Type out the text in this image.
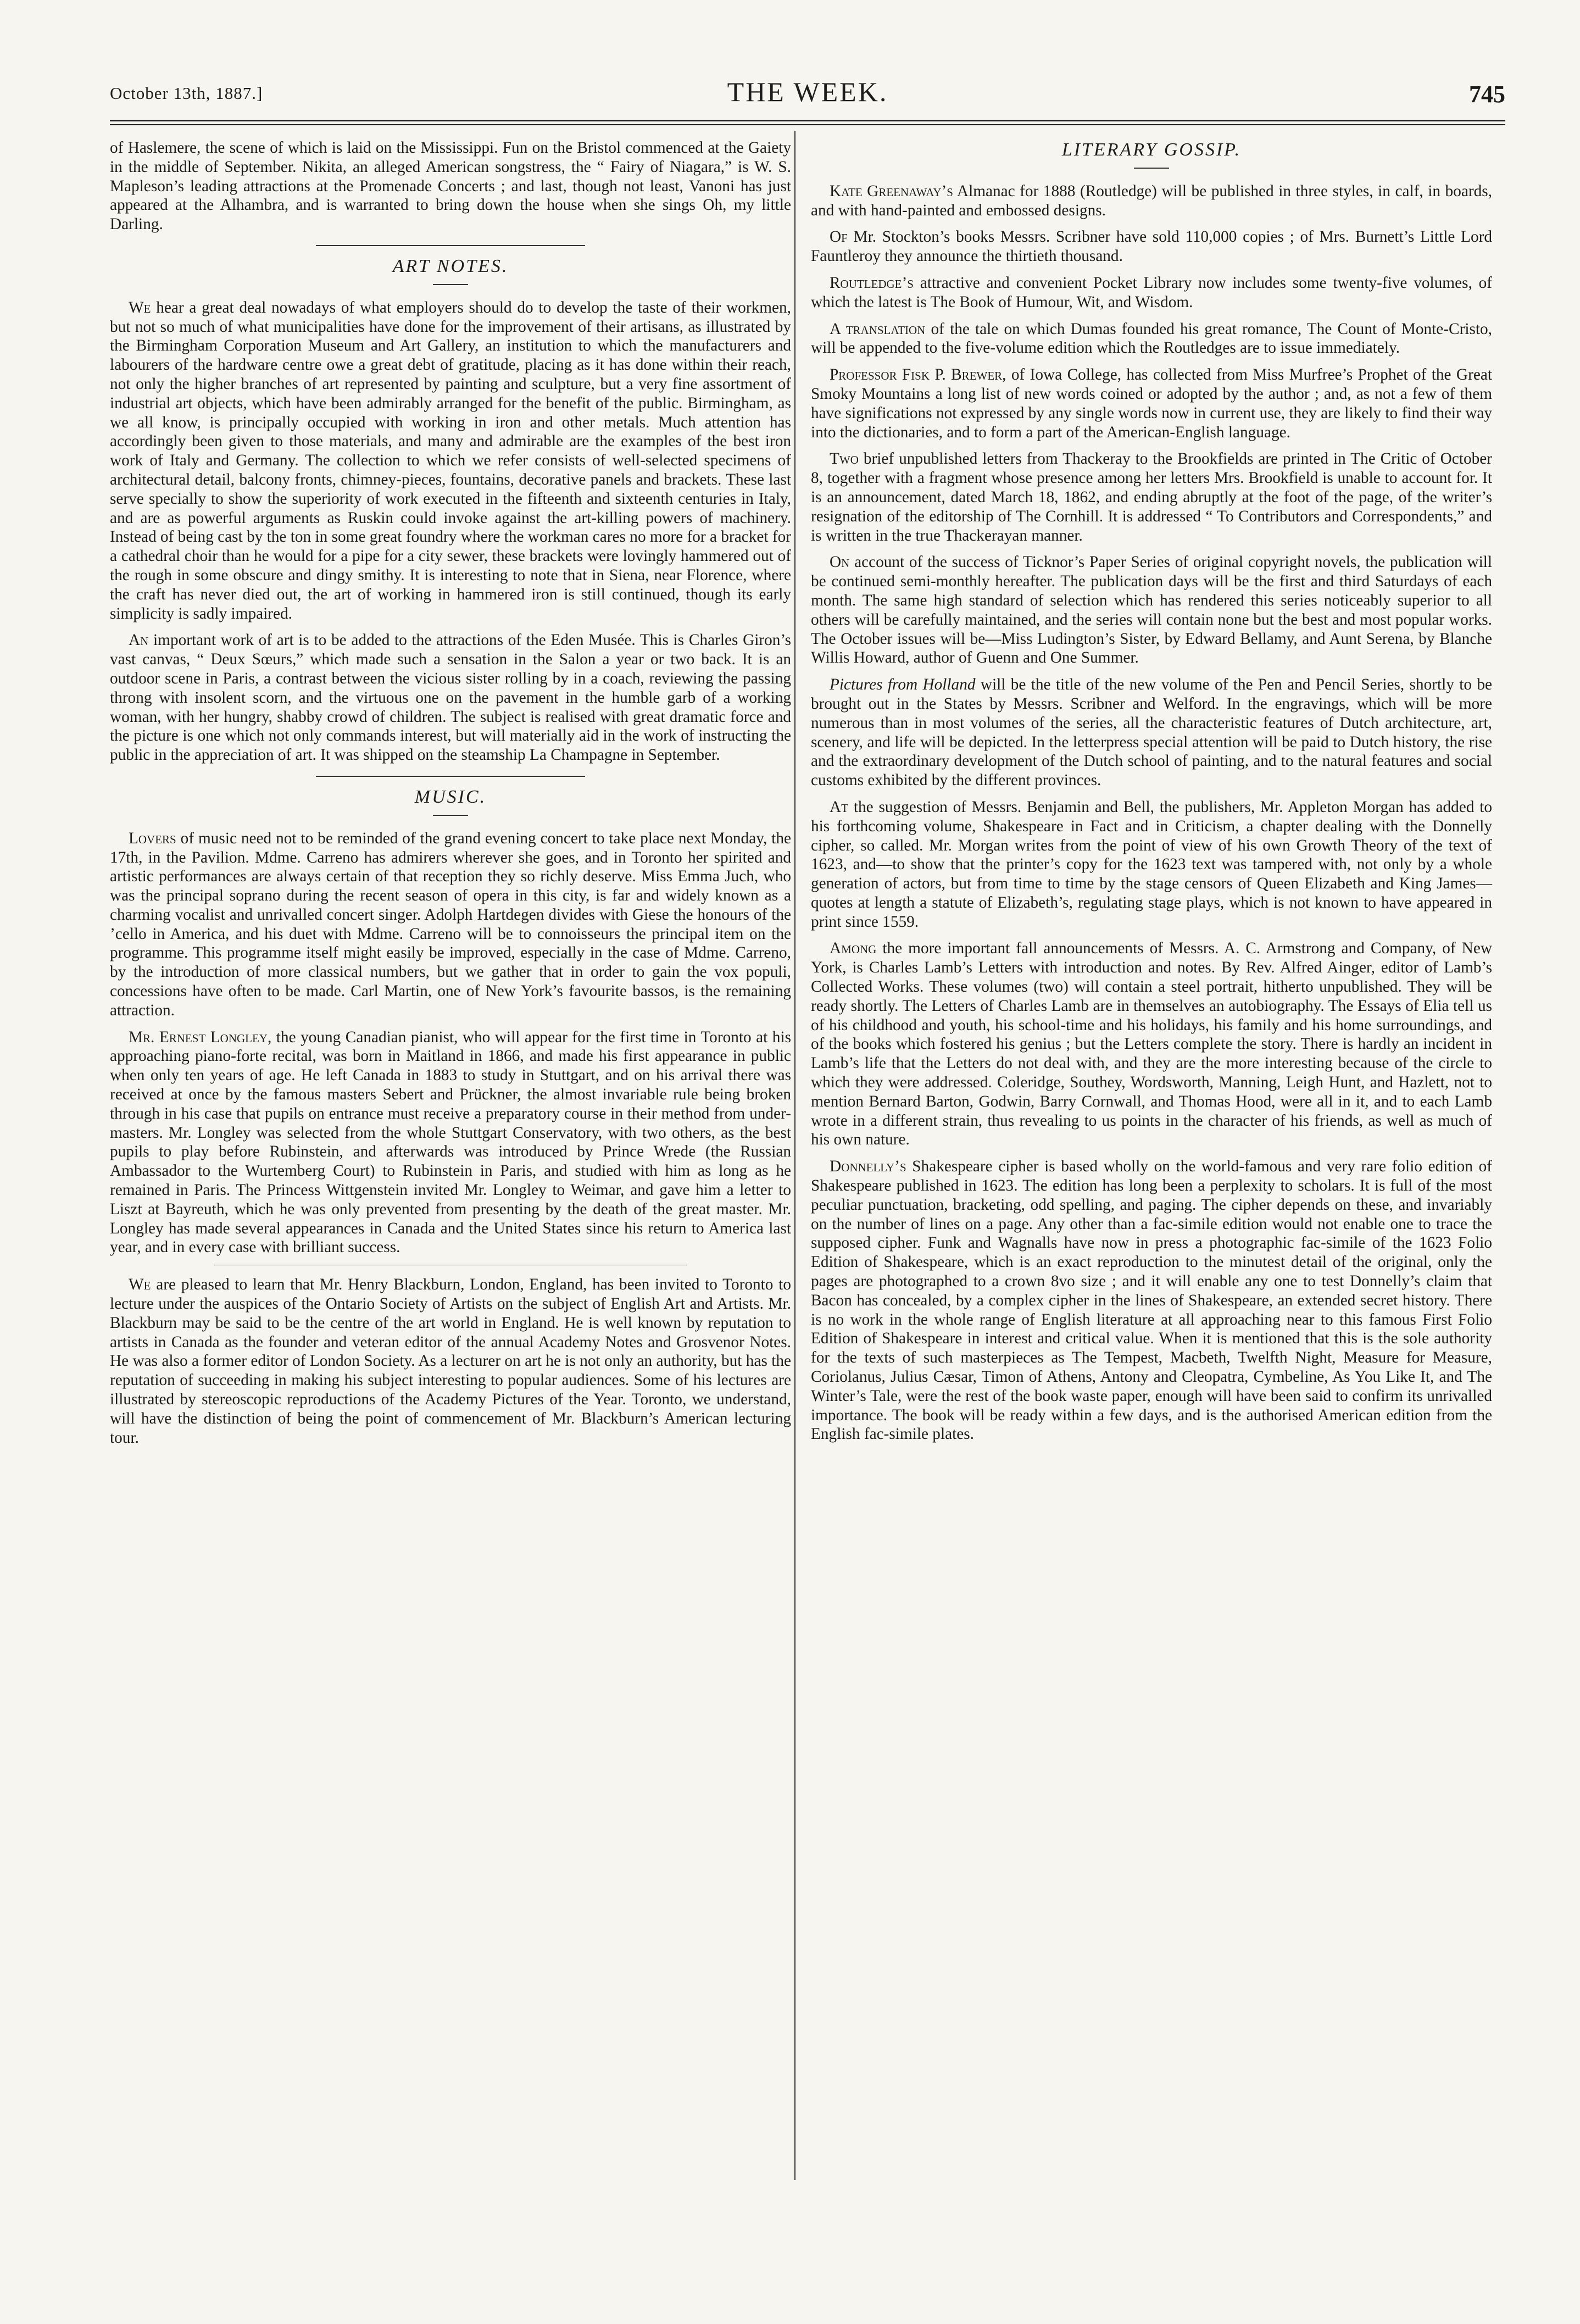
October 13th, 1887.]	THE WEEK.	745

of Haslemere, the scene of which is laid on the Mississippi. Fun on the Bristol commenced at the Gaiety in the middle of September. Nikita, an alleged American songstress, the “ Fairy of Niagara,” is W. S. Mapleson’s leading attractions at the Promenade Concerts ; and last, though not least, Vanoni has just appeared at the Alhambra, and is warranted to bring down the house when she sings Oh, my little Darling.

ART NOTES.

We hear a great deal nowadays of what employers should do to develop the taste of their workmen, but not so much of what municipalities have done for the improvement of their artisans, as illustrated by the Birmingham Corporation Museum and Art Gallery, an institution to which the manufacturers and labourers of the hardware centre owe a great debt of gratitude, placing as it has done within their reach, not only the higher branches of art represented by painting and sculpture, but a very fine assortment of industrial art objects, which have been admirably arranged for the benefit of the public. Birmingham, as we all know, is principally occupied with working in iron and other metals. Much attention has accordingly been given to those materials, and many and admirable are the examples of the best iron work of Italy and Germany. The collection to which we refer consists of well-selected specimens of architectural detail, balcony fronts, chimney-pieces, fountains, decorative panels and brackets. These last serve specially to show the superiority of work executed in the fifteenth and sixteenth centuries in Italy, and are as powerful arguments as Ruskin could invoke against the art-killing powers of machinery. Instead of being cast by the ton in some great foundry where the workman cares no more for a bracket for a cathedral choir than he would for a pipe for a city sewer, these brackets were lovingly hammered out of the rough in some obscure and dingy smithy. It is interesting to note that in Siena, near Florence, where the craft has never died out, the art of working in hammered iron is still continued, though its early simplicity is sadly impaired.

An important work of art is to be added to the attractions of the Eden Musée. This is Charles Giron’s vast canvas, “ Deux Sœurs,” which made such a sensation in the Salon a year or two back. It is an outdoor scene in Paris, a contrast between the vicious sister rolling by in a coach, reviewing the passing throng with insolent scorn, and the virtuous one on the pavement in the humble garb of a working woman, with her hungry, shabby crowd of children. The subject is realised with great dramatic force and the picture is one which not only commands interest, but will materially aid in the work of instructing the public in the appreciation of art. It was shipped on the steamship La Champagne in September.

MUSIC.

Lovers of music need not to be reminded of the grand evening concert to take place next Monday, the 17th, in the Pavilion. Mdme. Carreno has admirers wherever she goes, and in Toronto her spirited and artistic performances are always certain of that reception they so richly deserve. Miss Emma Juch, who was the principal soprano during the recent season of opera in this city, is far and widely known as a charming vocalist and unrivalled concert singer. Adolph Hartdegen divides with Giese the honours of the ’cello in America, and his duet with Mdme. Carreno will be to connoisseurs the principal item on the programme. This programme itself might easily be improved, especially in the case of Mdme. Carreno, by the introduction of more classical numbers, but we gather that in order to gain the vox populi, concessions have often to be made. Carl Martin, one of New York’s favourite bassos, is the remaining attraction.

Mr. Ernest Longley, the young Canadian pianist, who will appear for the first time in Toronto at his approaching piano-forte recital, was born in Maitland in 1866, and made his first appearance in public when only ten years of age. He left Canada in 1883 to study in Stuttgart, and on his arrival there was received at once by the famous masters Sebert and Prückner, the almost invariable rule being broken through in his case that pupils on entrance must receive a preparatory course in their method from under-masters. Mr. Longley was selected from the whole Stuttgart Conservatory, with two others, as the best pupils to play before Rubinstein, and afterwards was introduced by Prince Wrede (the Russian Ambassador to the Wurtemberg Court) to Rubinstein in Paris, and studied with him as long as he remained in Paris. The Princess Wittgenstein invited Mr. Longley to Weimar, and gave him a letter to Liszt at Bayreuth, which he was only prevented from presenting by the death of the great master. Mr. Longley has made several appearances in Canada and the United States since his return to America last year, and in every case with brilliant success.

We are pleased to learn that Mr. Henry Blackburn, London, England, has been invited to Toronto to lecture under the auspices of the Ontario Society of Artists on the subject of English Art and Artists. Mr. Blackburn may be said to be the centre of the art world in England. He is well known by reputation to artists in Canada as the founder and veteran editor of the annual Academy Notes and Grosvenor Notes. He was also a former editor of London Society. As a lecturer on art he is not only an authority, but has the reputation of succeeding in making his subject interesting to popular audiences. Some of his lectures are illustrated by stereoscopic reproductions of the Academy Pictures of the Year. Toronto, we understand, will have the distinction of being the point of commencement of Mr. Blackburn’s American lecturing tour.

LITERARY GOSSIP.

Kate Greenaway’s Almanac for 1888 (Routledge) will be published in three styles, in calf, in boards, and with hand-painted and embossed designs.

Of Mr. Stockton’s books Messrs. Scribner have sold 110,000 copies ; of Mrs. Burnett’s Little Lord Fauntleroy they announce the thirtieth thousand.

Routledge’s attractive and convenient Pocket Library now includes some twenty-five volumes, of which the latest is The Book of Humour, Wit, and Wisdom.

A translation of the tale on which Dumas founded his great romance, The Count of Monte-Cristo, will be appended to the five-volume edition which the Routledges are to issue immediately.

Professor Fisk P. Brewer, of Iowa College, has collected from Miss Murfree’s Prophet of the Great Smoky Mountains a long list of new words coined or adopted by the author ; and, as not a few of them have significations not expressed by any single words now in current use, they are likely to find their way into the dictionaries, and to form a part of the American-English language.

Two brief unpublished letters from Thackeray to the Brookfields are printed in The Critic of October 8, together with a fragment whose presence among her letters Mrs. Brookfield is unable to account for. It is an announcement, dated March 18, 1862, and ending abruptly at the foot of the page, of the writer’s resignation of the editorship of The Cornhill. It is addressed “ To Contributors and Correspondents,” and is written in the true Thackerayan manner.

On account of the success of Ticknor’s Paper Series of original copyright novels, the publication will be continued semi-monthly hereafter. The publication days will be the first and third Saturdays of each month. The same high standard of selection which has rendered this series noticeably superior to all others will be carefully maintained, and the series will contain none but the best and most popular works. The October issues will be—Miss Ludington’s Sister, by Edward Bellamy, and Aunt Serena, by Blanche Willis Howard, author of Guenn and One Summer.

Pictures from Holland will be the title of the new volume of the Pen and Pencil Series, shortly to be brought out in the States by Messrs. Scribner and Welford. In the engravings, which will be more numerous than in most volumes of the series, all the characteristic features of Dutch architecture, art, scenery, and life will be depicted. In the letterpress special attention will be paid to Dutch history, the rise and the extraordinary development of the Dutch school of painting, and to the natural features and social customs exhibited by the different provinces.

At the suggestion of Messrs. Benjamin and Bell, the publishers, Mr. Appleton Morgan has added to his forthcoming volume, Shakespeare in Fact and in Criticism, a chapter dealing with the Donnelly cipher, so called. Mr. Morgan writes from the point of view of his own Growth Theory of the text of 1623, and—to show that the printer’s copy for the 1623 text was tampered with, not only by a whole generation of actors, but from time to time by the stage censors of Queen Elizabeth and King James—quotes at length a statute of Elizabeth’s, regulating stage plays, which is not known to have appeared in print since 1559.

Among the more important fall announcements of Messrs. A. C. Armstrong and Company, of New York, is Charles Lamb’s Letters with introduction and notes. By Rev. Alfred Ainger, editor of Lamb’s Collected Works. These volumes (two) will contain a steel portrait, hitherto unpublished. They will be ready shortly. The Letters of Charles Lamb are in themselves an autobiography. The Essays of Elia tell us of his childhood and youth, his school-time and his holidays, his family and his home surroundings, and of the books which fostered his genius ; but the Letters complete the story. There is hardly an incident in Lamb’s life that the Letters do not deal with, and they are the more interesting because of the circle to which they were addressed. Coleridge, Southey, Wordsworth, Manning, Leigh Hunt, and Hazlett, not to mention Bernard Barton, Godwin, Barry Cornwall, and Thomas Hood, were all in it, and to each Lamb wrote in a different strain, thus revealing to us points in the character of his friends, as well as much of his own nature.

Donnelly’s Shakespeare cipher is based wholly on the world-famous and very rare folio edition of Shakespeare published in 1623. The edition has long been a perplexity to scholars. It is full of the most peculiar punctuation, bracketing, odd spelling, and paging. The cipher depends on these, and invariably on the number of lines on a page. Any other than a fac-simile edition would not enable one to trace the supposed cipher. Funk and Wagnalls have now in press a photographic fac-simile of the 1623 Folio Edition of Shakespeare, which is an exact reproduction to the minutest detail of the original, only the pages are photographed to a crown 8vo size ; and it will enable any one to test Donnelly’s claim that Bacon has concealed, by a complex cipher in the lines of Shakespeare, an extended secret history. There is no work in the whole range of English literature at all approaching near to this famous First Folio Edition of Shakespeare in interest and critical value. When it is mentioned that this is the sole authority for the texts of such masterpieces as The Tempest, Macbeth, Twelfth Night, Measure for Measure, Coriolanus, Julius Cæsar, Timon of Athens, Antony and Cleopatra, Cymbeline, As You Like It, and The Winter’s Tale, were the rest of the book waste paper, enough will have been said to confirm its unrivalled importance. The book will be ready within a few days, and is the authorised American edition from the English fac-simile plates.
